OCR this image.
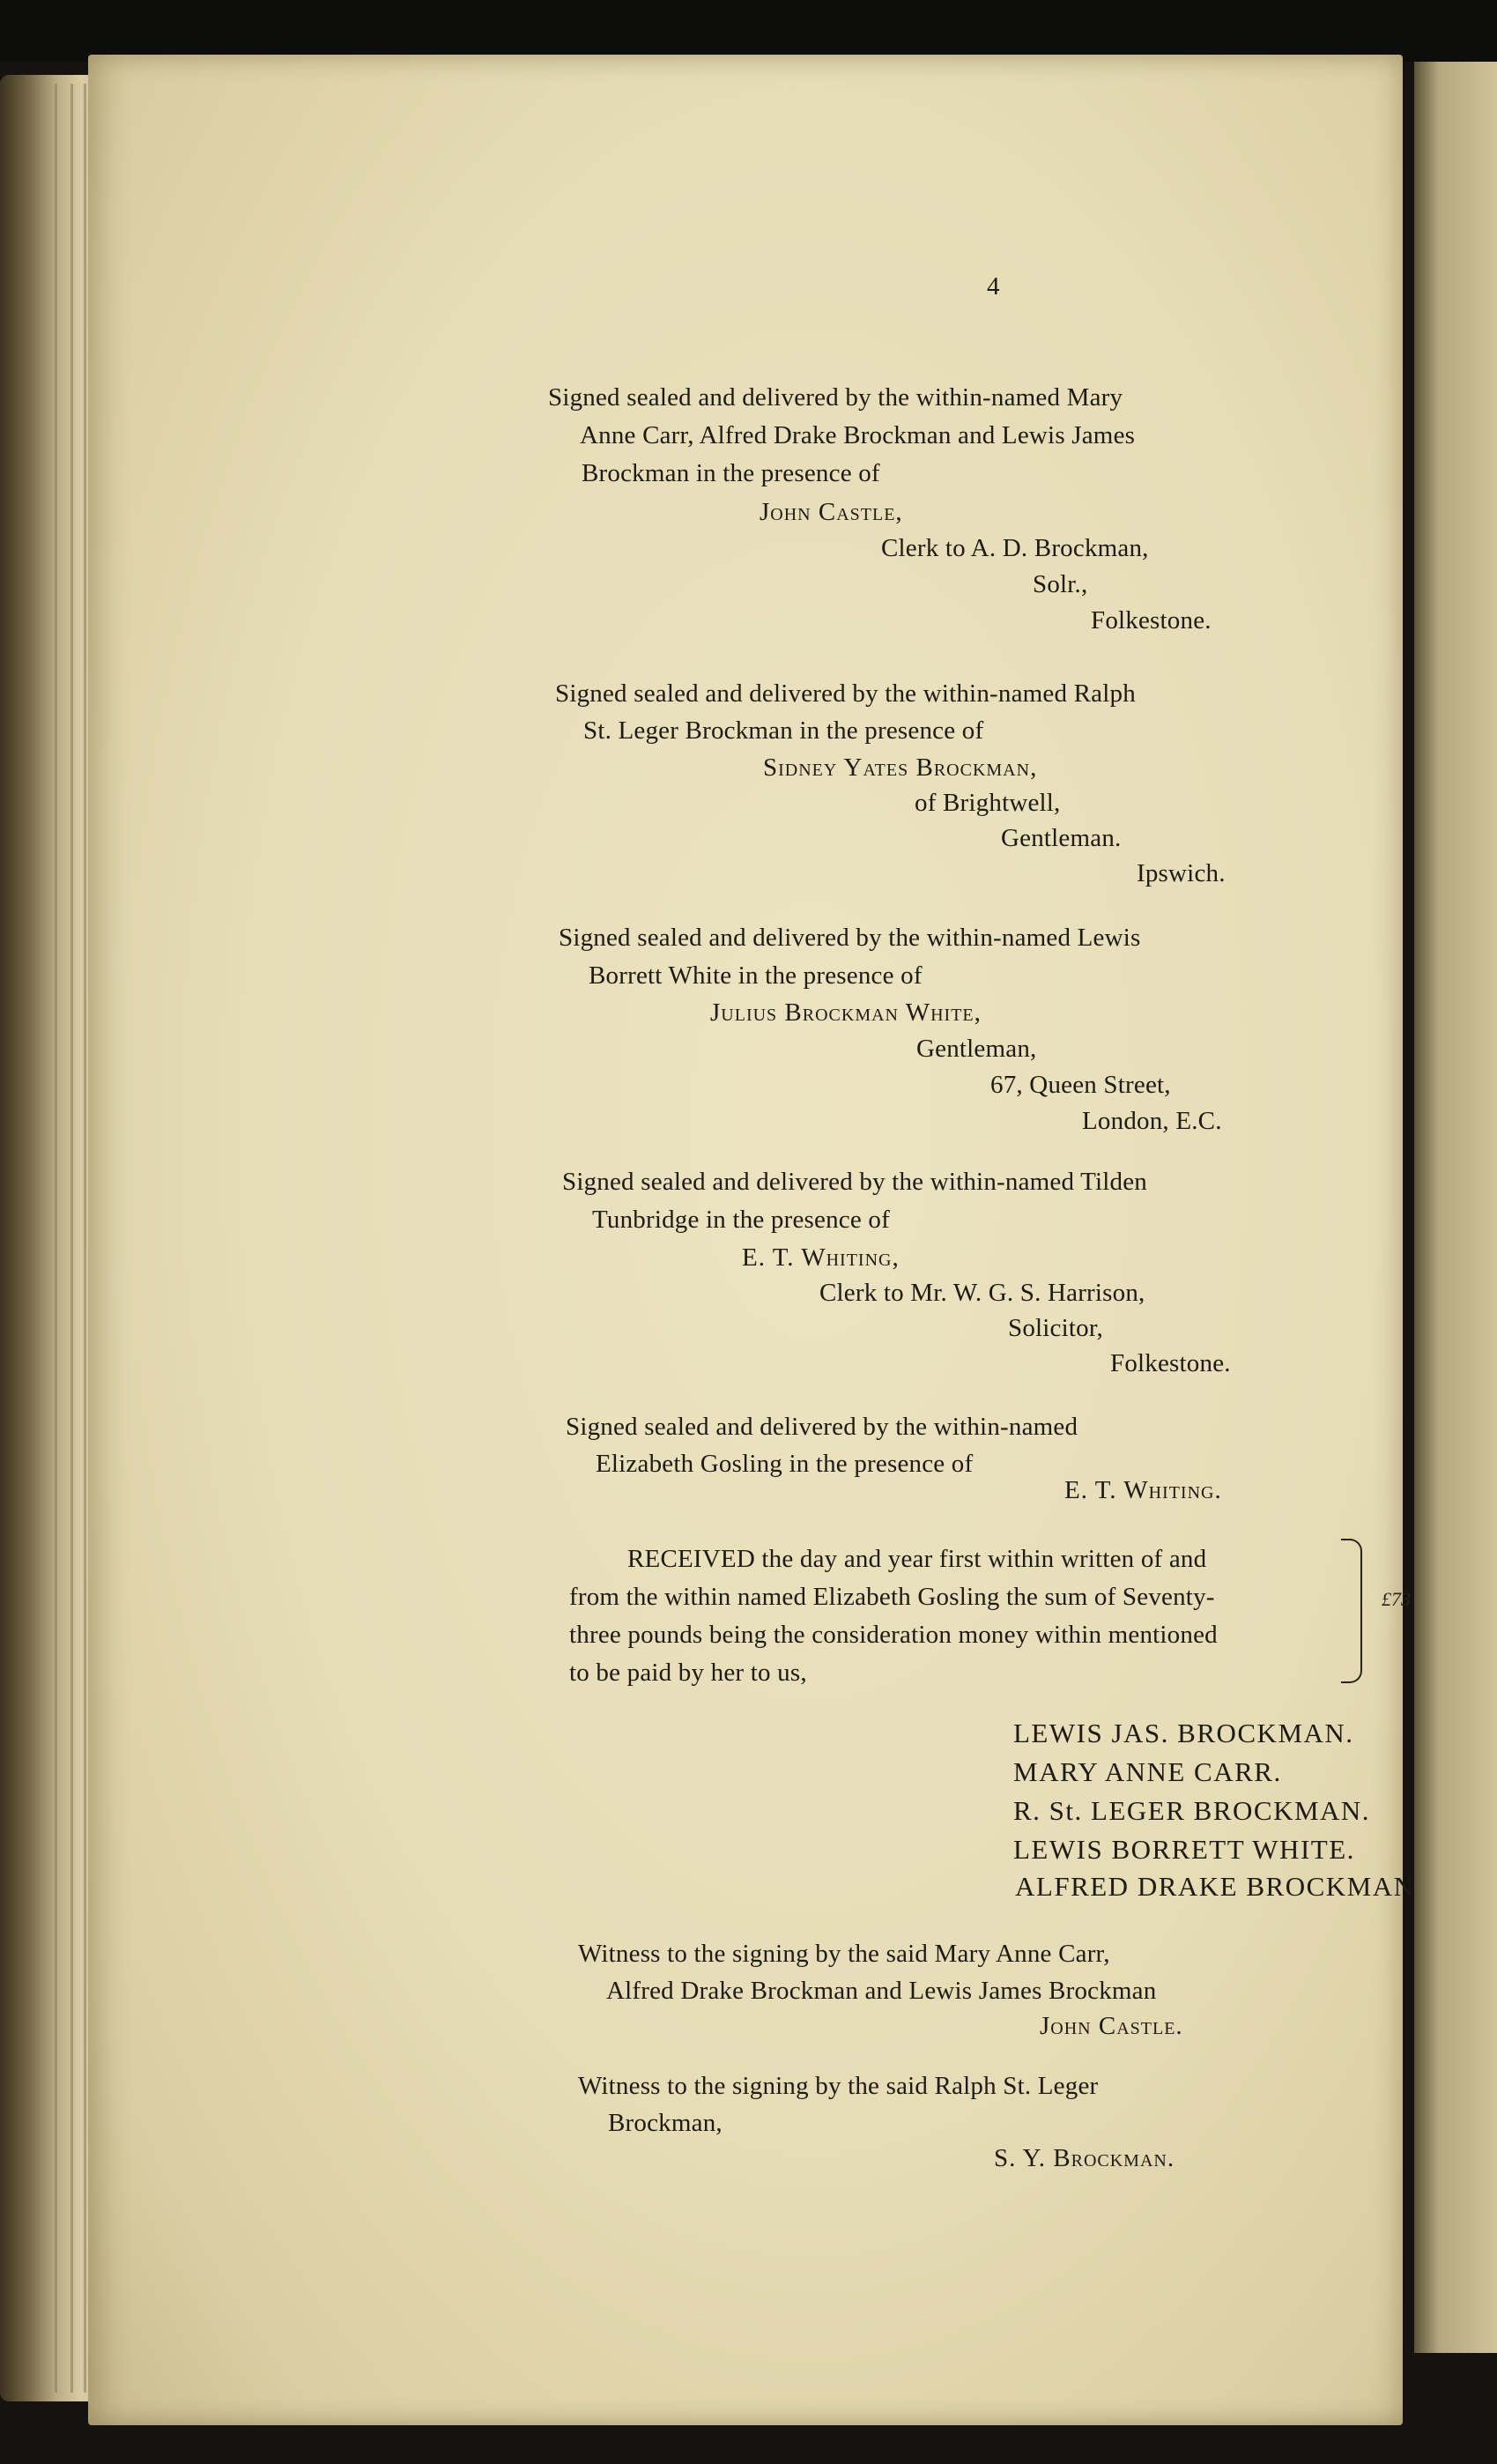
4
Signed sealed and delivered by the within-named Mary
Anne Carr, Alfred Drake Brockman and Lewis James
Brockman in the presence of
John Castle,
Clerk to A. D. Brockman,
Solr.,
Folkestone.
Signed sealed and delivered by the within-named Ralph
St. Leger Brockman in the presence of
Sidney Yates Brockman,
of Brightwell,
Gentleman.
Ipswich.
Signed sealed and delivered by the within-named Lewis
Borrett White in the presence of
Julius Brockman White,
Gentleman,
67, Queen Street,
London, E.C.
Signed sealed and delivered by the within-named Tilden
Tunbridge in the presence of
E. T. Whiting,
Clerk to Mr. W. G. S. Harrison,
Solicitor,
Folkestone.
Signed sealed and delivered by the within-named
Elizabeth Gosling in the presence of
E. T. Whiting.
RECEIVED the day and year first within written of and
from the within named Elizabeth Gosling the sum of Seventy-
three pounds being the consideration money within mentioned
to be paid by her to us,
£73
LEWIS JAS. BROCKMAN.
MARY ANNE CARR.
R. St. LEGER BROCKMAN.
LEWIS BORRETT WHITE.
ALFRED DRAKE BROCKMAN
Witness to the signing by the said Mary Anne Carr,
Alfred Drake Brockman and Lewis James Brockman
John Castle.
Witness to the signing by the said Ralph St. Leger
Brockman,
S. Y. Brockman.
